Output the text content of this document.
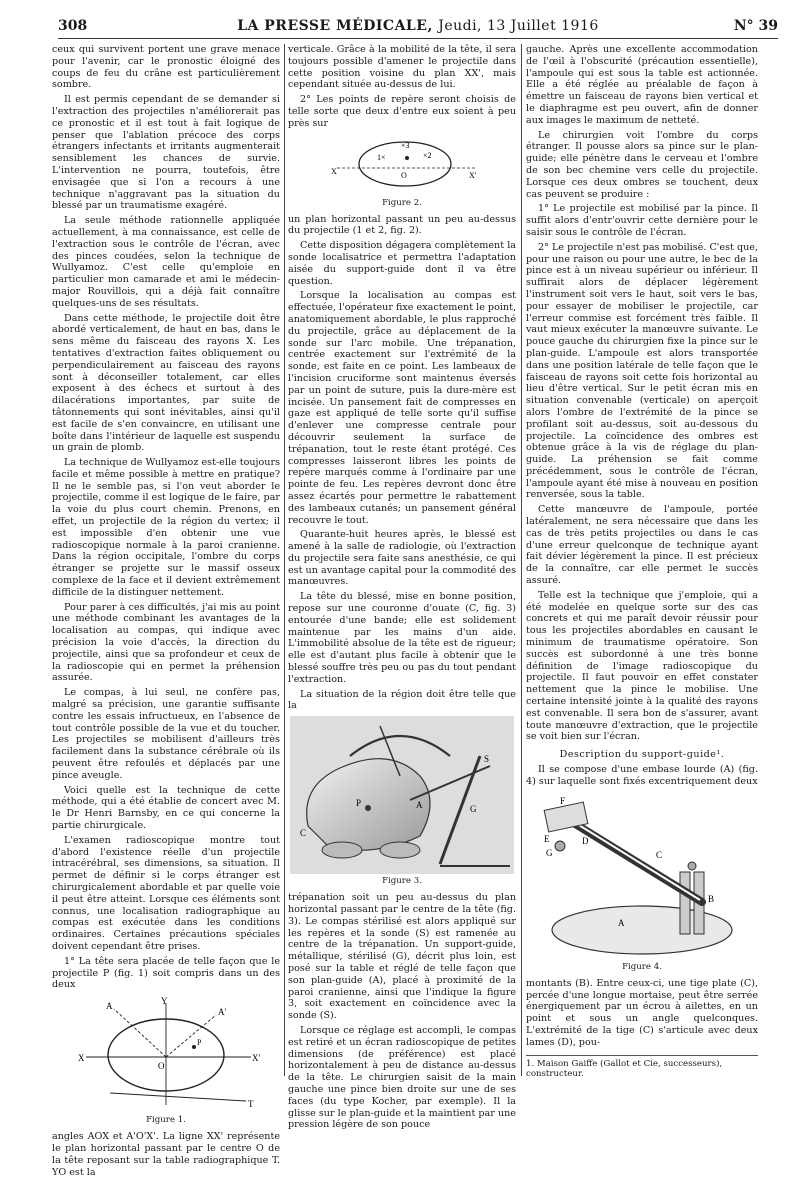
308	LA PRESSE MÉDICALE, Jeudi, 13 Juillet 1916	N° 39

ceux qui survivent portent une grave menace pour l'avenir, car le pronostic éloigné des coups de feu du crâne est particulièrement sombre.

Il est permis cependant de se demander si l'extraction des projectiles n'améliorerait pas ce pronostic et il est tout à fait logique de penser que l'ablation précoce des corps étrangers infectants et irritants augmenterait sensiblement les chances de survie. L'intervention ne pourra, toutefois, être envisagée que si l'on a recours à une technique n'aggravant pas la situation du blessé par un traumatisme exagéré.

La seule méthode rationnelle appliquée actuellement, à ma connaissance, est celle de l'extraction sous le contrôle de l'écran, avec des pinces coudées, selon la technique de Wullyamoz. C'est celle qu'emploie en particulier mon camarade et ami le médecin-major Rouvillois, qui a déjà fait connaître quelques-uns de ses résultats.

Dans cette méthode, le projectile doit être abordé verticalement, de haut en bas, dans le sens même du faisceau des rayons X. Les tentatives d'extraction faites obliquement ou perpendiculairement au faisceau des rayons sont à déconseiller totalement, car elles exposent à des échecs et surtout à des dilacérations importantes, par suite de tâtonnements qui sont inévitables, ainsi qu'il est facile de s'en convaincre, en utilisant une boîte dans l'intérieur de laquelle est suspendu un grain de plomb.

La technique de Wullyamoz est-elle toujours facile et même possible à mettre en pratique? Il ne le semble pas, si l'on veut aborder le projectile, comme il est logique de le faire, par la voie du plus court chemin. Prenons, en effet, un projectile de la région du vertex; il est impossible d'en obtenir une vue radioscopique normale à la paroi cranienne. Dans la région occipitale, l'ombre du corps étranger se projette sur le massif osseux complexe de la face et il devient extrêmement difficile de la distinguer nettement.

Pour parer à ces difficultés, j'ai mis au point une méthode combinant les avantages de la localisation au compas, qui indique avec précision la voie d'accès, la direction du projectile, ainsi que sa profondeur et ceux de la radioscopie qui en permet la préhension assurée.

Le compas, à lui seul, ne confère pas, malgré sa précision, une garantie suffisante contre les essais infructueux, en l'absence de tout contrôle possible de la vue et du toucher. Les projectiles se mobilisent d'ailleurs très facilement dans la substance cérébrale où ils peuvent être refoulés et déplacés par une pince aveugle.

Voici quelle est la technique de cette méthode, qui a été établie de concert avec M. le Dr Henri Barnsby, en ce qui concerne la partie chirurgicale.

L'examen radioscopique montre tout d'abord l'existence réelle d'un projectile intracérébral, ses dimensions, sa situation. Il permet de définir si le corps étranger est chirurgicalement abordable et par quelle voie il peut être atteint. Lorsque ces éléments sont connus, une localisation radiographique au compas est exécutée dans les conditions ordinaires. Certaines précautions spéciales doivent cependant être prises.

1° La tête sera placée de telle façon que le projectile P (fig. 1) soit compris dans un des deux

X	X'
Y
A
A'
O
P
T
Figure 1.

angles AOX et A'O'X'. La ligne XX' représente le plan horizontal passant par le centre O de la tête reposant sur la table radiographique T. YO est la

verticale. Grâce à la mobilité de la tête, il sera toujours possible d'amener le projectile dans cette position voisine du plan XX', mais cependant située au-dessus de lui.

2° Les points de repère seront choisis de telle sorte que deux d'entre eux soient à peu près sur

1×
×3
×2
O
X	X'
Figure 2.

un plan horizontal passant un peu au-dessus du projectile (1 et 2, fig. 2).

Cette disposition dégagera complètement la sonde localisatrice et permettra l'adaptation aisée du support-guide dont il va être question.

Lorsque la localisation au compas est effectuée, l'opérateur fixe exactement le point, anatomiquement abordable, le plus rapproché du projectile, grâce au déplacement de la sonde sur l'arc mobile. Une trépanation, centrée exactement sur l'extrémité de la sonde, est faite en ce point. Les lambeaux de l'incision cruciforme sont maintenus éversés par un point de suture, puis la dure-mère est incisée. Un pansement fait de compresses en gaze est appliqué de telle sorte qu'il suffise d'enlever une compresse centrale pour découvrir seulement la surface de trépanation, tout le reste étant protégé. Ces compresses laisseront libres les points de repère marqués comme à l'ordinaire par une pointe de feu. Les repères devront donc être assez écartés pour permettre le rabattement des lambeaux cutanés; un pansement général recouvre le tout.

Quarante-huit heures après, le blessé est amené à la salle de radiologie, où l'extraction du projectile sera faite sans anesthésie, ce qui est un avantage capital pour la commodité des manœuvres.

La tête du blessé, mise en bonne position, repose sur une couronne d'ouate (C, fig. 3) entourée d'une bande; elle est solidement maintenue par les mains d'un aide. L'immobilité absolue de la tête est de rigueur; elle est d'autant plus facile à obtenir que le blessé souffre très peu ou pas du tout pendant l'extraction.

La situation de la région doit être telle que la

P
G
S
C
A
Figure 3.

trépanation soit un peu au-dessus du plan horizontal passant par le centre de la tête (fig. 3). Le compas stérilisé est alors appliqué sur les repères et la sonde (S) est ramenée au centre de la trépanation. Un support-guide, métallique, stérilisé (G), décrit plus loin, est posé sur la table et réglé de telle façon que son plan-guide (A), placé à proximité de la paroi cranienne, ainsi que l'indique la figure 3, soit exactement en coïncidence avec la sonde (S).

Lorsque ce réglage est accompli, le compas est retiré et un écran radioscopique de petites dimensions (de préférence) est placé horizontalement à peu de distance au-dessus de la tête. Le chirurgien saisit de la main gauche une pince bien droite sur une de ses faces (du type Kocher, par exemple). Il la glisse sur le plan-guide et la maintient par une pression légère de son pouce

gauche. Après une excellente accommodation de l'œil à l'obscurité (précaution essentielle), l'ampoule qui est sous la table est actionnée. Elle a été réglée au préalable de façon à émettre un faisceau de rayons bien vertical et le diaphragme est peu ouvert, afin de donner aux images le maximum de netteté.

Le chirurgien voit l'ombre du corps étranger. Il pousse alors sa pince sur le plan-guide; elle pénètre dans le cerveau et l'ombre de son bec chemine vers celle du projectile. Lorsque ces deux ombres se touchent, deux cas peuvent se produire :

1° Le projectile est mobilisé par la pince. Il suffit alors d'entr'ouvrir cette dernière pour le saisir sous le contrôle de l'écran.

2° Le projectile n'est pas mobilisé. C'est que, pour une raison ou pour une autre, le bec de la pince est à un niveau supérieur ou inférieur. Il suffirait alors de déplacer légèrement l'instrument soit vers le haut, soit vers le bas, pour essayer de mobiliser le projectile, car l'erreur commise est forcément très faible. Il vaut mieux exécuter la manœuvre suivante. Le pouce gauche du chirurgien fixe la pince sur le plan-guide. L'ampoule est alors transportée dans une position latérale de telle façon que le faisceau de rayons soit cette fois horizontal au lieu d'être vertical. Sur le petit écran mis en situation convenable (verticale) on aperçoit alors l'ombre de l'extrémité de la pince se profilant soit au-dessus, soit au-dessous du projectile. La coïncidence des ombres est obtenue grâce à la vis de réglage du plan-guide. La préhension se fait comme précédemment, sous le contrôle de l'écran, l'ampoule ayant été mise à nouveau en position renversée, sous la table.

Cette manœuvre de l'ampoule, portée latéralement, ne sera nécessaire que dans les cas de très petits projectiles ou dans le cas d'une erreur quelconque de technique ayant fait dévier légèrement la pince. Il est précieux de la connaître, car elle permet le succès assuré.

Telle est la technique que j'emploie, qui a été modelée en quelque sorte sur des cas concrets et qui me paraît devoir réussir pour tous les projectiles abordables en causant le minimum de traumatisme opératoire. Son succès est subordonné à une très bonne définition de l'image radioscopique du projectile. Il faut pouvoir en effet constater nettement que la pince le mobilise. Une certaine intensité jointe à la qualité des rayons est convenable. Il sera bon de s'assurer, avant toute manœuvre d'extraction, que le projectile se voit bien sur l'écran.

Description du support-guide¹.

Il se compose d'une embase lourde (A) (fig. 4) sur laquelle sont fixés excentriquement deux

F
E	D
G	C
B
A
Figure 4.

montants (B). Entre ceux-ci, une tige plate (C), percée d'une longue mortaise, peut être serrée énergiquement par un écrou à ailettes, en un point et sous un angle quelconques. L'extrémité de la tige (C) s'articule avec deux lames (D), pou-

1. Maison Gaiffe (Gallot et Cie, successeurs), constructeur.
